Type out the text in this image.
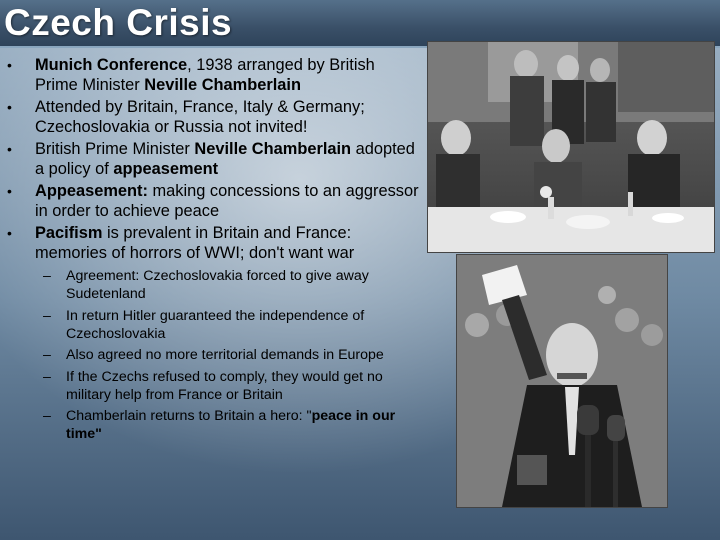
Czech Crisis
• Munich Conference, 1938 arranged by British Prime Minister Neville Chamberlain
• Attended by Britain, France, Italy & Germany; Czechoslovakia or Russia not invited!
• British Prime Minister Neville Chamberlain adopted a policy of appeasement
• Appeasement: making concessions to an aggressor in order to achieve peace
• Pacifism is prevalent in Britain and France: memories of horrors of WWI; don't want war
– Agreement: Czechoslovakia forced to give away Sudetenland
– In return Hitler guaranteed the independence of Czechoslovakia
– Also agreed no more territorial demands in Europe
– If the Czechs refused to comply, they would get no military help from France or Britain
– Chamberlain returns to Britain a hero: "peace in our time"
